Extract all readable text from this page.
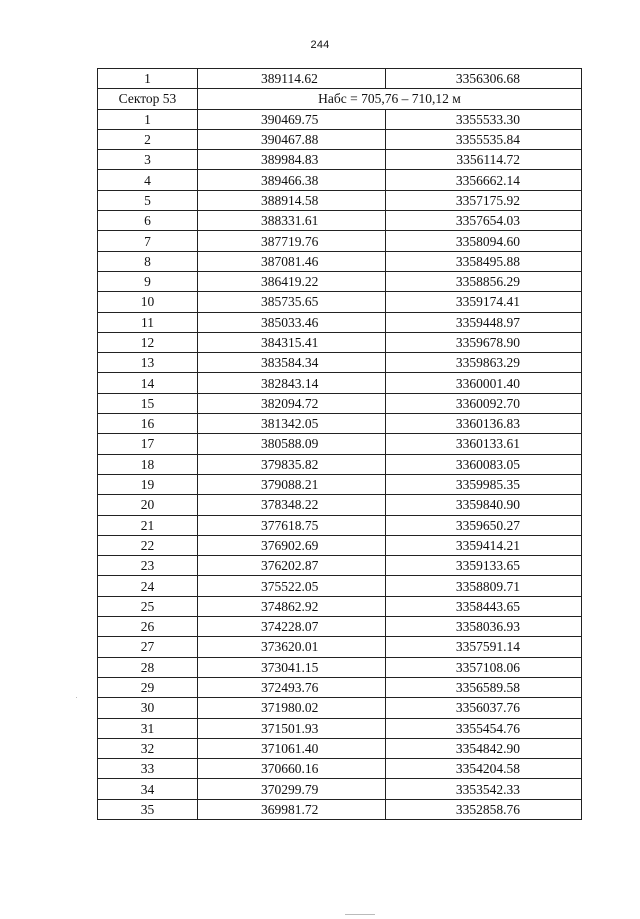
244
1	389114.62	3356306.68
Сектор 53	Набс = 705,76 – 710,12 м	
1	390469.75	3355533.30
2	390467.88	3355535.84
3	389984.83	3356114.72
4	389466.38	3356662.14
5	388914.58	3357175.92
6	388331.61	3357654.03
7	387719.76	3358094.60
8	387081.46	3358495.88
9	386419.22	3358856.29
10	385735.65	3359174.41
11	385033.46	3359448.97
12	384315.41	3359678.90
13	383584.34	3359863.29
14	382843.14	3360001.40
15	382094.72	3360092.70
16	381342.05	3360136.83
17	380588.09	3360133.61
18	379835.82	3360083.05
19	379088.21	3359985.35
20	378348.22	3359840.90
21	377618.75	3359650.27
22	376902.69	3359414.21
23	376202.87	3359133.65
24	375522.05	3358809.71
25	374862.92	3358443.65
26	374228.07	3358036.93
27	373620.01	3357591.14
28	373041.15	3357108.06
29	372493.76	3356589.58
30	371980.02	3356037.76
31	371501.93	3355454.76
32	371061.40	3354842.90
33	370660.16	3354204.58
34	370299.79	3353542.33
35	369981.72	3352858.76
